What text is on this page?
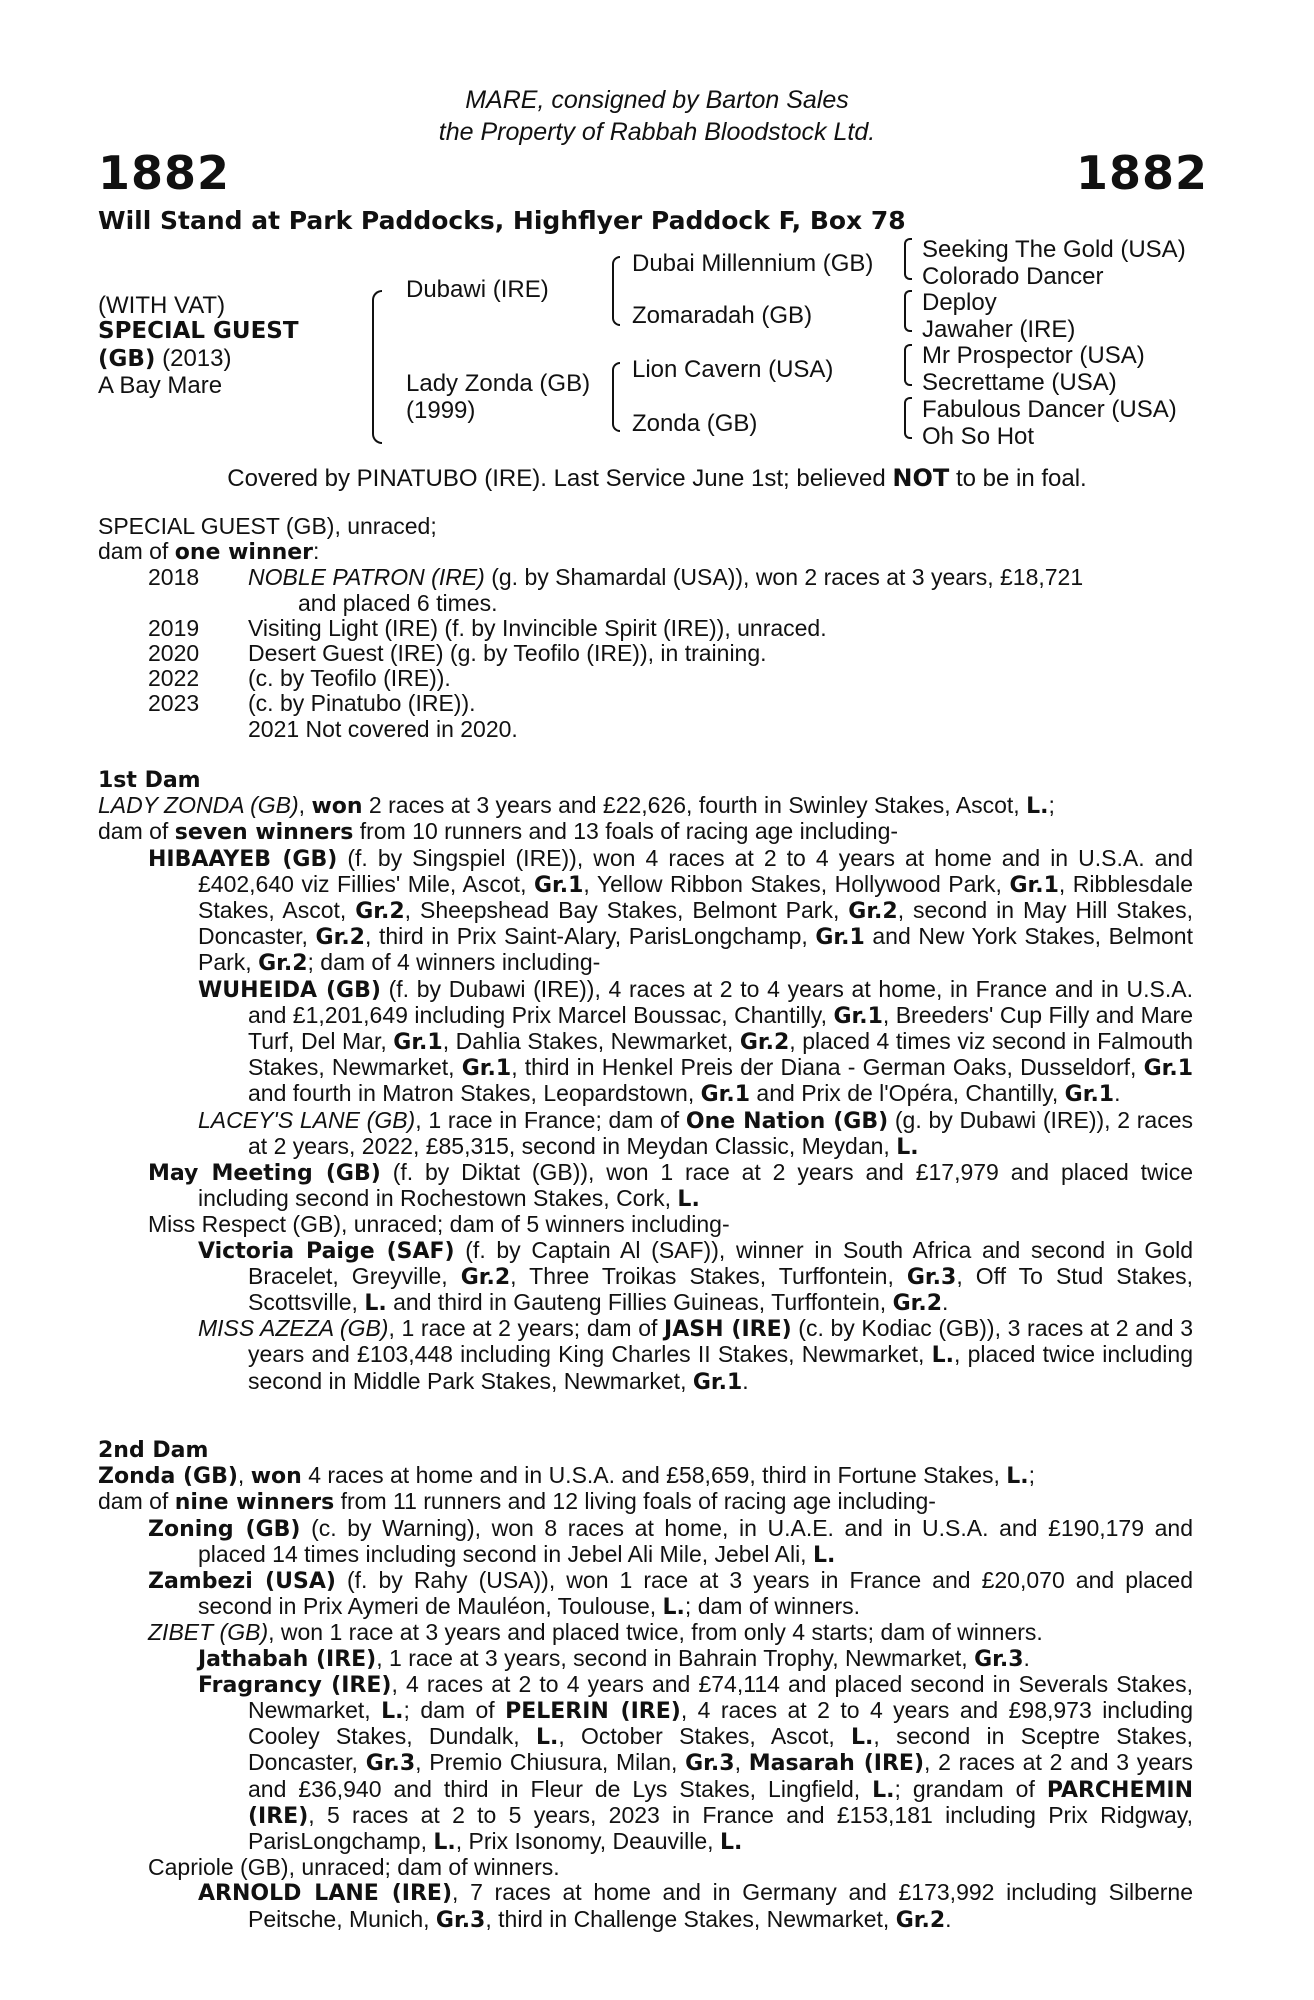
MARE, consigned by Barton Sales
the Property of Rabbah Bloodstock Ltd.
1882	1882
Will Stand at Park Paddocks, Highflyer Paddock F, Box 78
(WITH VAT)
SPECIAL GUEST
(GB) (2013)
A Bay Mare
Dubawi (IRE)
Lady Zonda (GB)
(1999)
Dubai Millennium (GB)
Zomaradah (GB)
Lion Cavern (USA)
Zonda (GB)
Seeking The Gold (USA)
Colorado Dancer
Deploy
Jawaher (IRE)
Mr Prospector (USA)
Secrettame (USA)
Fabulous Dancer (USA)
Oh So Hot
Covered by PINATUBO (IRE). Last Service June 1st; believed NOT to be in foal.

SPECIAL GUEST (GB), unraced;

dam of one winner:

2018 NOBLE PATRON (IRE) (g. by Shamardal (USA)), won 2 races at 3 years, £18,721
and placed 6 times.
2019 Visiting Light (IRE) (f. by Invincible Spirit (IRE)), unraced.
2020 Desert Guest (IRE) (g. by Teofilo (IRE)), in training.
2022 (c. by Teofilo (IRE)).
2023 (c. by Pinatubo (IRE)).
2021 Not covered in 2020.

1st Dam

LADY ZONDA (GB), won 2 races at 3 years and £22,626, fourth in Swinley Stakes, Ascot, L.;

dam of seven winners from 10 runners and 13 foals of racing age including-

HIBAAYEB (GB) (f. by Singspiel (IRE)), won 4 races at 2 to 4 years at home and in U.S.A. and £402,640 viz Fillies' Mile, Ascot, Gr.1, Yellow Ribbon Stakes, Hollywood Park, Gr.1, Ribblesdale Stakes, Ascot, Gr.2, Sheepshead Bay Stakes, Belmont Park, Gr.2, second in May Hill Stakes, Doncaster, Gr.2, third in Prix Saint-Alary, ParisLongchamp, Gr.1 and New York Stakes, Belmont Park, Gr.2; dam of 4 winners including-

WUHEIDA (GB) (f. by Dubawi (IRE)), 4 races at 2 to 4 years at home, in France and in U.S.A. and £1,201,649 including Prix Marcel Boussac, Chantilly, Gr.1, Breeders' Cup Filly and Mare Turf, Del Mar, Gr.1, Dahlia Stakes, Newmarket, Gr.2, placed 4 times viz second in Falmouth Stakes, Newmarket, Gr.1, third in Henkel Preis der Diana - German Oaks, Dusseldorf, Gr.1 and fourth in Matron Stakes, Leopardstown, Gr.1 and Prix de l'Opéra, Chantilly, Gr.1.

LACEY'S LANE (GB), 1 race in France; dam of One Nation (GB) (g. by Dubawi (IRE)), 2 races at 2 years, 2022, £85,315, second in Meydan Classic, Meydan, L.

May Meeting (GB) (f. by Diktat (GB)), won 1 race at 2 years and £17,979 and placed twice including second in Rochestown Stakes, Cork, L.

Miss Respect (GB), unraced; dam of 5 winners including-

Victoria Paige (SAF) (f. by Captain Al (SAF)), winner in South Africa and second in Gold Bracelet, Greyville, Gr.2, Three Troikas Stakes, Turffontein, Gr.3, Off To Stud Stakes, Scottsville, L. and third in Gauteng Fillies Guineas, Turffontein, Gr.2.

MISS AZEZA (GB), 1 race at 2 years; dam of JASH (IRE) (c. by Kodiac (GB)), 3 races at 2 and 3 years and £103,448 including King Charles II Stakes, Newmarket, L., placed twice including second in Middle Park Stakes, Newmarket, Gr.1.

2nd Dam

Zonda (GB), won 4 races at home and in U.S.A. and £58,659, third in Fortune Stakes, L.;

dam of nine winners from 11 runners and 12 living foals of racing age including-

Zoning (GB) (c. by Warning), won 8 races at home, in U.A.E. and in U.S.A. and £190,179 and placed 14 times including second in Jebel Ali Mile, Jebel Ali, L.

Zambezi (USA) (f. by Rahy (USA)), won 1 race at 3 years in France and £20,070 and placed second in Prix Aymeri de Mauléon, Toulouse, L.; dam of winners.

ZIBET (GB), won 1 race at 3 years and placed twice, from only 4 starts; dam of winners.

Jathabah (IRE), 1 race at 3 years, second in Bahrain Trophy, Newmarket, Gr.3.

Fragrancy (IRE), 4 races at 2 to 4 years and £74,114 and placed second in Severals Stakes, Newmarket, L.; dam of PELERIN (IRE), 4 races at 2 to 4 years and £98,973 including Cooley Stakes, Dundalk, L., October Stakes, Ascot, L., second in Sceptre Stakes, Doncaster, Gr.3, Premio Chiusura, Milan, Gr.3, Masarah (IRE), 2 races at 2 and 3 years and £36,940 and third in Fleur de Lys Stakes, Lingfield, L.; grandam of PARCHEMIN (IRE), 5 races at 2 to 5 years, 2023 in France and £153,181 including Prix Ridgway, ParisLongchamp, L., Prix Isonomy, Deauville, L.

Capriole (GB), unraced; dam of winners.

ARNOLD LANE (IRE), 7 races at home and in Germany and £173,992 including Silberne Peitsche, Munich, Gr.3, third in Challenge Stakes, Newmarket, Gr.2.
